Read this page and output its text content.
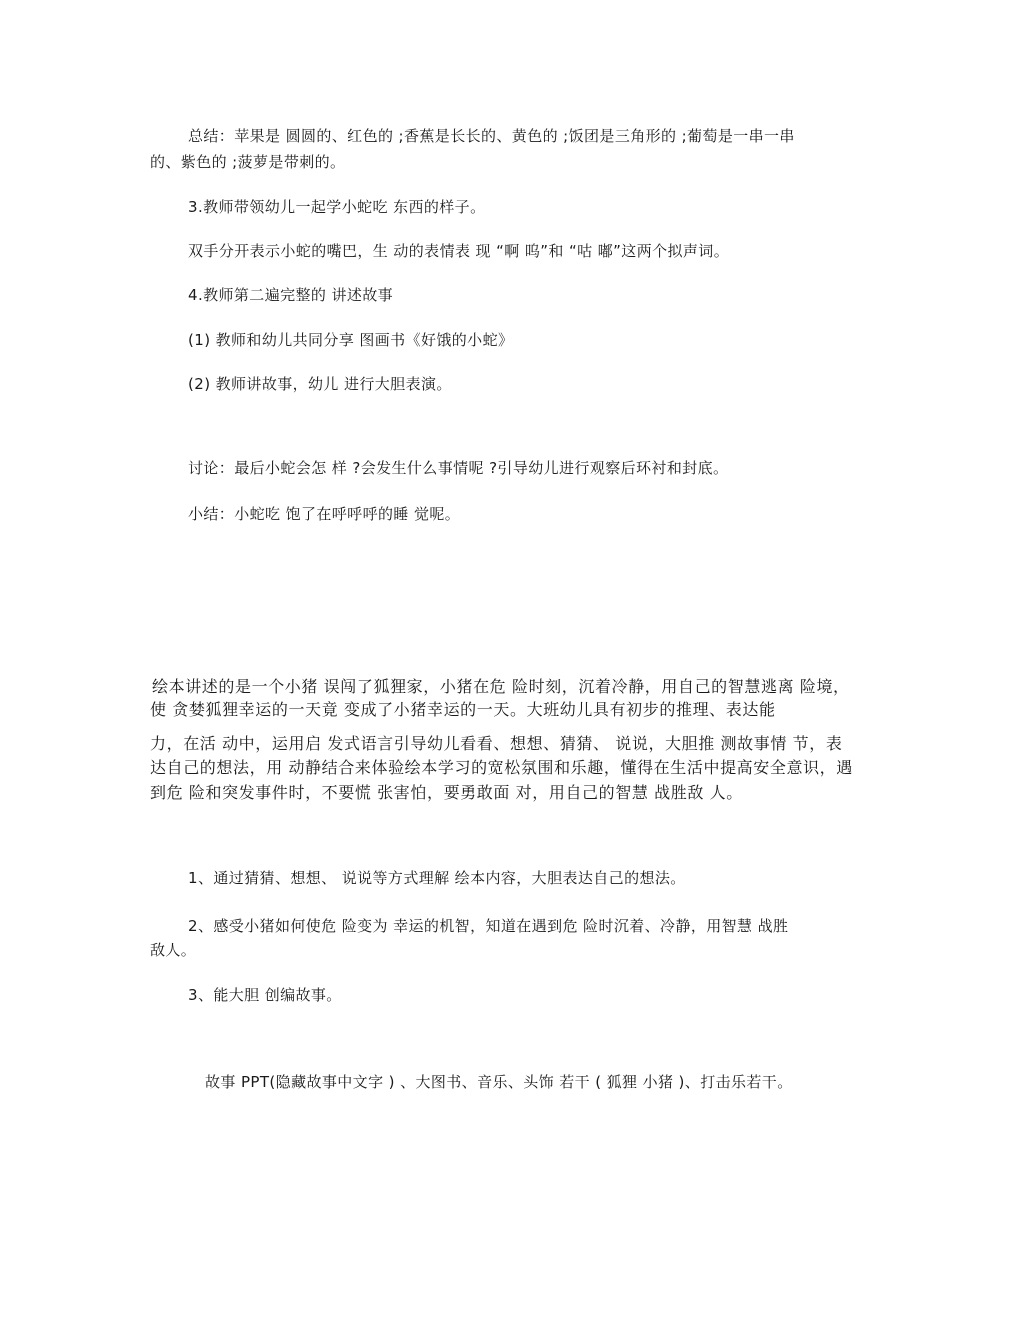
总结：苹果是 圆圆的、红色的 ;香蕉是长长的、黄色的 ;饭团是三角形的 ;葡萄是一串一串
的、紫色的 ;菠萝是带刺的。
3.教师带领幼儿一起学小蛇吃 东西的样子。
双手分开表示小蛇的嘴巴，生 动的表情表 现 “啊 呜”和 “咕 嘟”这两个拟声词。
4.教师第二遍完整的 讲述故事
(1) 教师和幼儿共同分享 图画书《好饿的小蛇》
(2) 教师讲故事，幼儿 进行大胆表演。
讨论：最后小蛇会怎 样 ?会发生什么事情呢 ?引导幼儿进行观察后环衬和封底。
小结：小蛇吃 饱了在呼呼呼的睡 觉呢。
绘本讲述的是一个小猪 误闯了狐狸家，小猪在危 险时刻，沉着冷静，用自己的智慧逃离 险境，
使 贪婪狐狸幸运的一天竟 变成了小猪幸运的一天。大班幼儿具有初步的推理、表达能
力，在活 动中，运用启 发式语言引导幼儿看看、想想、猜猜、 说说，大胆推 测故事情 节，表
达自己的想法，用 动静结合来体验绘本学习的宽松氛围和乐趣，懂得在生活中提高安全意识，遇
到危 险和突发事件时，不要慌 张害怕，要勇敢面 对，用自己的智慧 战胜敌 人。
1、通过猜猜、想想、 说说等方式理解 绘本内容，大胆表达自己的想法。
2、感受小猪如何使危 险变为 幸运的机智，知道在遇到危 险时沉着、冷静，用智慧 战胜
敌人。
3、能大胆 创编故事。
故事 PPT(隐藏故事中文字 ) 、大图书、音乐、头饰 若干 ( 狐狸 小猪 )、打击乐若干。
